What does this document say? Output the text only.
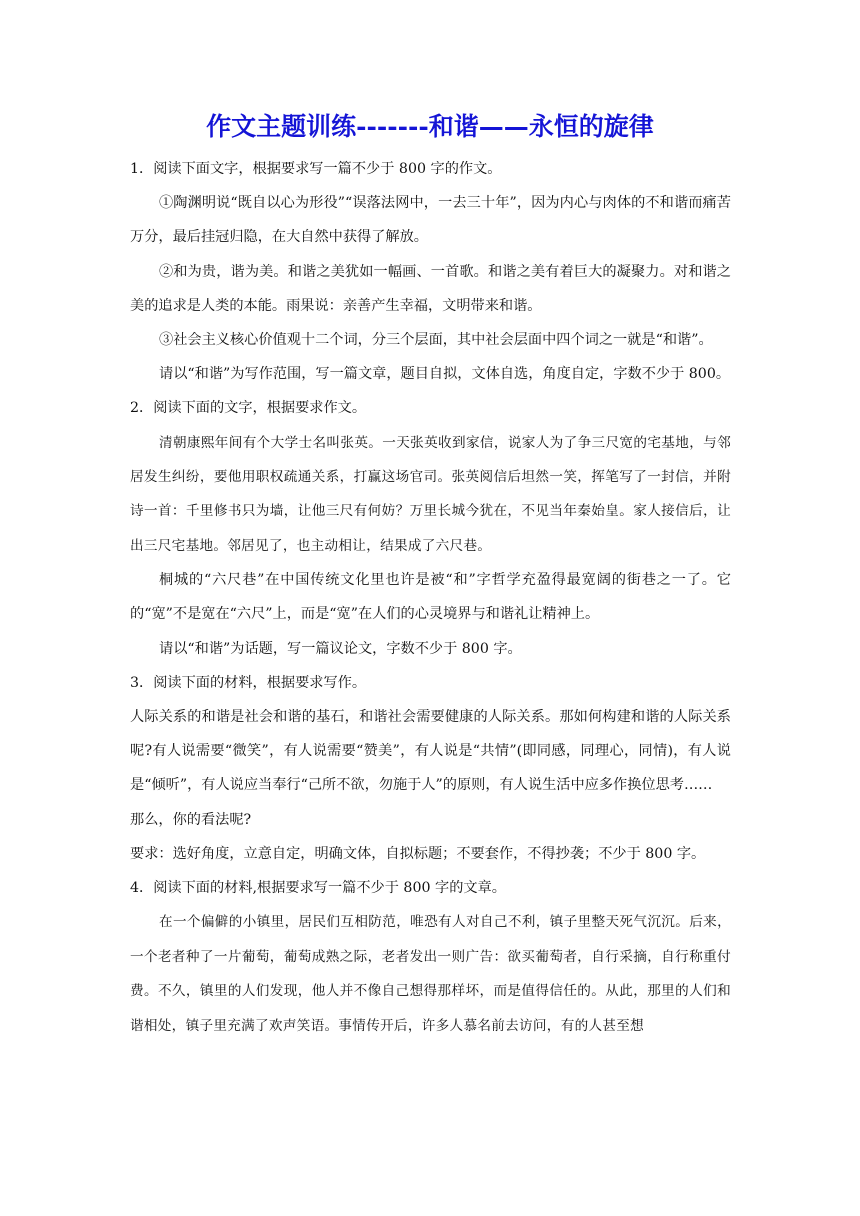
作文主题训练-------和谐——永恒的旋律

1．阅读下面文字，根据要求写一篇不少于 800 字的作文。

①陶渊明说“既自以心为形役”“误落法网中，一去三十年”，因为内心与肉体的不和谐而痛苦万分，最后挂冠归隐，在大自然中获得了解放。

②和为贵，谐为美。和谐之美犹如一幅画、一首歌。和谐之美有着巨大的凝聚力。对和谐之美的追求是人类的本能。雨果说：亲善产生幸福，文明带来和谐。

③社会主义核心价值观十二个词，分三个层面，其中社会层面中四个词之一就是“和谐”。

请以“和谐”为写作范围，写一篇文章，题目自拟，文体自选，角度自定，字数不少于 800。

2．阅读下面的文字，根据要求作文。

清朝康熙年间有个大学士名叫张英。一天张英收到家信，说家人为了争三尺宽的宅基地，与邻居发生纠纷，要他用职权疏通关系，打赢这场官司。张英阅信后坦然一笑，挥笔写了一封信，并附诗一首：千里修书只为墙，让他三尺有何妨？万里长城今犹在，不见当年秦始皇。家人接信后，让出三尺宅基地。邻居见了，也主动相让，结果成了六尺巷。

桐城的“六尺巷”在中国传统文化里也许是被“和”字哲学充盈得最宽阔的街巷之一了。它的“宽”不是宽在“六尺”上，而是“宽”在人们的心灵境界与和谐礼让精神上。

请以“和谐”为话题，写一篇议论文，字数不少于 800 字。

3．阅读下面的材料，根据要求写作。

人际关系的和谐是社会和谐的基石，和谐社会需要健康的人际关系。那如何构建和谐的人际关系呢?有人说需要“微笑”，有人说需要“赞美”，有人说是“共情”(即同感，同理心，同情)，有人说是“倾听”，有人说应当奉行“己所不欲，勿施于人”的原则，有人说生活中应多作换位思考……

那么，你的看法呢?

要求：选好角度，立意自定，明确文体，自拟标题；不要套作，不得抄袭；不少于 800 字。

4．阅读下面的材料,根据要求写一篇不少于 800 字的文章。

在一个偏僻的小镇里，居民们互相防范，唯恐有人对自己不利，镇子里整天死气沉沉。后来，一个老者种了一片葡萄，葡萄成熟之际，老者发出一则广告：欲买葡萄者，自行采摘，自行称重付费。不久，镇里的人们发现，他人并不像自己想得那样坏，而是值得信任的。从此，那里的人们和谐相处，镇子里充满了欢声笑语。事情传开后，许多人慕名前去访问，有的人甚至想
